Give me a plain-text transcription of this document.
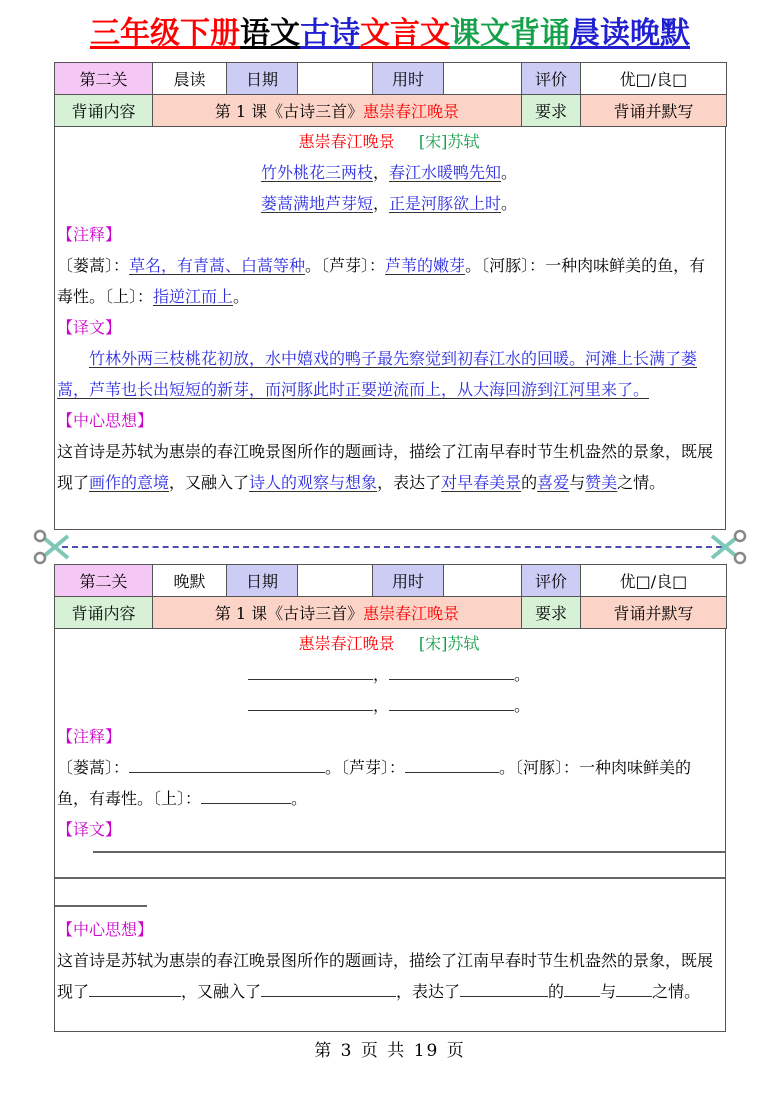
三年级下册语文古诗文言文课文背诵晨读晚默
第二关	晨读	日期		用时		评价	优□/良□
背诵内容	第 1 课《古诗三首》惠崇春江晚景					要求	背诵并默写
惠崇春江晚景 [宋]苏轼
竹外桃花三两枝，春江水暖鸭先知。
蒌蒿满地芦芽短，正是河豚欲上时。
【注释】
〔蒌蒿〕：草名，有青蒿、白蒿等种。〔芦芽〕：芦苇的嫩芽。〔河豚〕：一种肉味鲜美的鱼，有毒性。〔上〕：指逆江而上。
【译文】
竹林外两三枝桃花初放，水中嬉戏的鸭子最先察觉到初春江水的回暖。河滩上长满了蒌蒿，芦苇也长出短短的新芽，而河豚此时正要逆流而上，从大海回游到江河里来了。
【中心思想】
这首诗是苏轼为惠崇的春江晚景图所作的题画诗，描绘了江南早春时节生机盎然的景象，既展现了画作的意境，又融入了诗人的观察与想象，表达了对早春美景的喜爱与赞美之情。
第二关	晚默	日期		用时		评价	优□/良□
背诵内容	第 1 课《古诗三首》惠崇春江晚景					要求	背诵并默写
惠崇春江晚景 [宋]苏轼
，	。
，	。
【注释】
〔蒌蒿〕：	。〔芦芽〕：	。〔河豚〕：一种肉味鲜美的鱼，有毒性。〔上〕：	。
【译文】
【中心思想】
这首诗是苏轼为惠崇的春江晚景图所作的题画诗，描绘了江南早春时节生机盎然的景象，既展现了	，又融入了	，表达了	的 与 之情。
第 3 页 共 19 页
